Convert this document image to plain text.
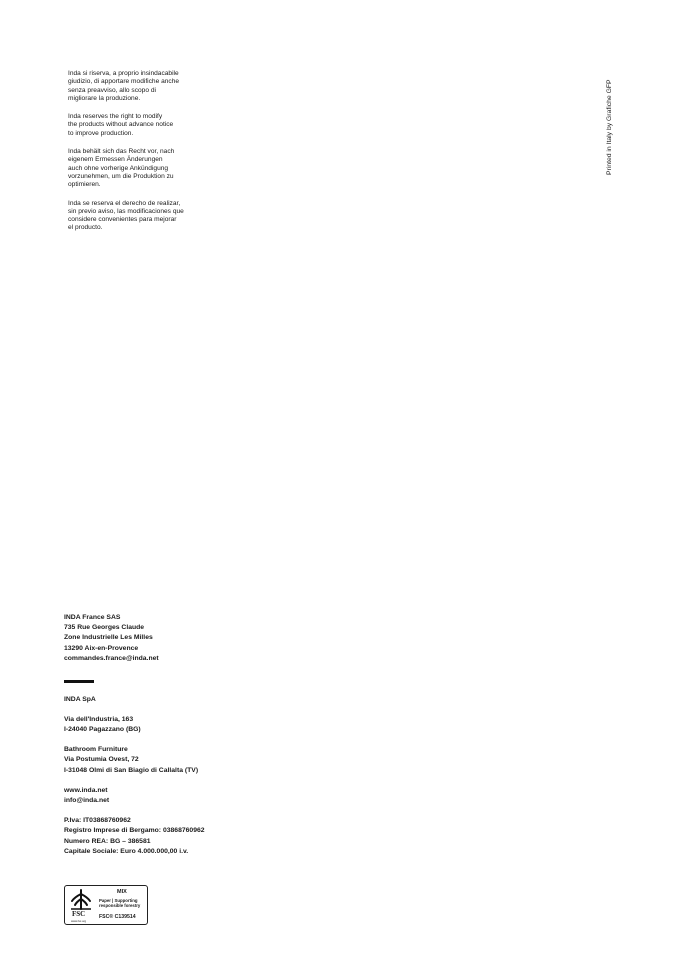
Inda si riserva, a proprio insindacabile
giudizio, di apportare modifiche anche
senza preavviso, allo scopo di
migliorare la produzione.

Inda reserves the right to modify
the products without advance notice
to improve production.

Inda behält sich das Recht vor, nach
eigenem Ermessen Änderungen
auch ohne vorherige Ankündigung
vorzunehmen, um die Produktion zu
optimieren.

Inda se reserva el derecho de realizar,
sin previo aviso, las modificaciones que
considere convenientes para mejorar
el producto.

Printed in Italy by Grafiche GFP
INDA France SAS
735 Rue Georges Claude
Zone Industrielle Les Milles
13290 Aix-en-Provence
commandes.france@inda.net
INDA SpA
Via dell'Industria, 163
I-24040 Pagazzano (BG)
Bathroom Furniture
Via Postumia Ovest, 72
I-31048 Olmi di San Biagio di Callalta (TV)
www.inda.net
info@inda.net
P.Iva: IT03868760962
Registro Imprese di Bergamo: 03868760962
Numero REA: BG – 386581
Capitale Sociale: Euro 4.000.000,00 i.v.
FSC
www.fsc.org
MIX
Paper | Supporting
responsible forestry
FSC® C139514
